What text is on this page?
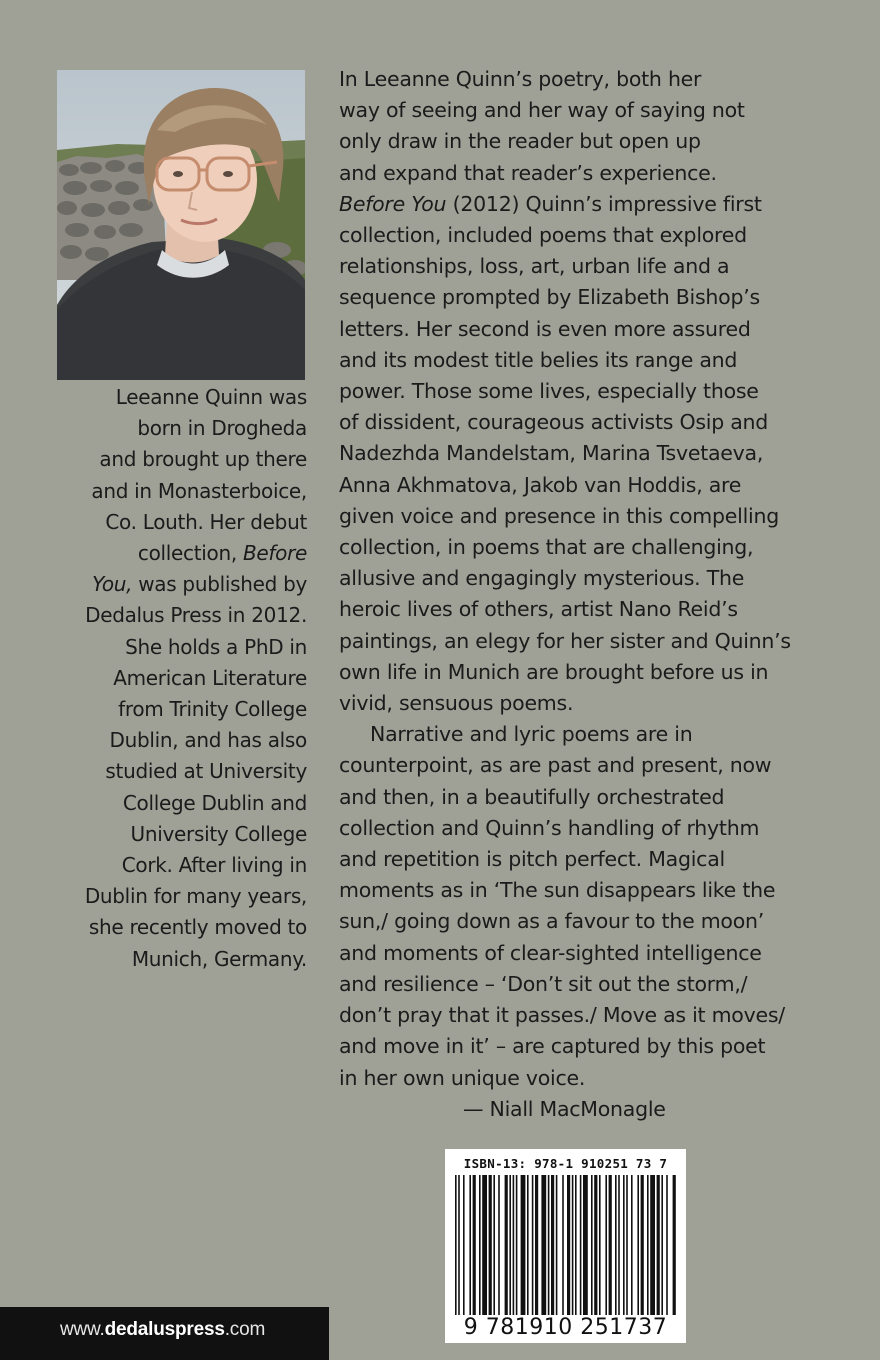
Leeanne Quinn was
born in Drogheda
and brought up there
and in Monasterboice,
Co. Louth. Her debut
collection, Before
You, was published by
Dedalus Press in 2012.
She holds a PhD in
American Literature
from Trinity College
Dublin, and has also
studied at University
College Dublin and
University College
Cork. After living in
Dublin for many years,
she recently moved to
Munich, Germany.
In Leeanne Quinn’s poetry, both her
way of seeing and her way of saying not
only draw in the reader but open up
and expand that reader’s experience.
Before You (2012) Quinn’s impressive first
collection, included poems that explored
relationships, loss, art, urban life and a
sequence prompted by Elizabeth Bishop’s
letters. Her second is even more assured
and its modest title belies its range and
power. Those some lives, especially those
of dissident, courageous activists Osip and
Nadezhda Mandelstam, Marina Tsvetaeva,
Anna Akhmatova, Jakob van Hoddis, are
given voice and presence in this compelling
collection, in poems that are challenging,
allusive and engagingly mysterious. The
heroic lives of others, artist Nano Reid’s
paintings, an elegy for her sister and Quinn’s
own life in Munich are brought before us in
vivid, sensuous poems.
Narrative and lyric poems are in
counterpoint, as are past and present, now
and then, in a beautifully orchestrated
collection and Quinn’s handling of rhythm
and repetition is pitch perfect. Magical
moments as in ‘The sun disappears like the
sun,/ going down as a favour to the moon’
and moments of clear-sighted intelligence
and resilience – ‘Don’t sit out the storm,/
don’t pray that it passes./ Move as it moves/
and move in it’ – are captured by this poet
in her own unique voice.
— Niall MacMonagle
ISBN-13: 978-1 910251 73 7
9 781910 251737
www.dedaluspress.com
